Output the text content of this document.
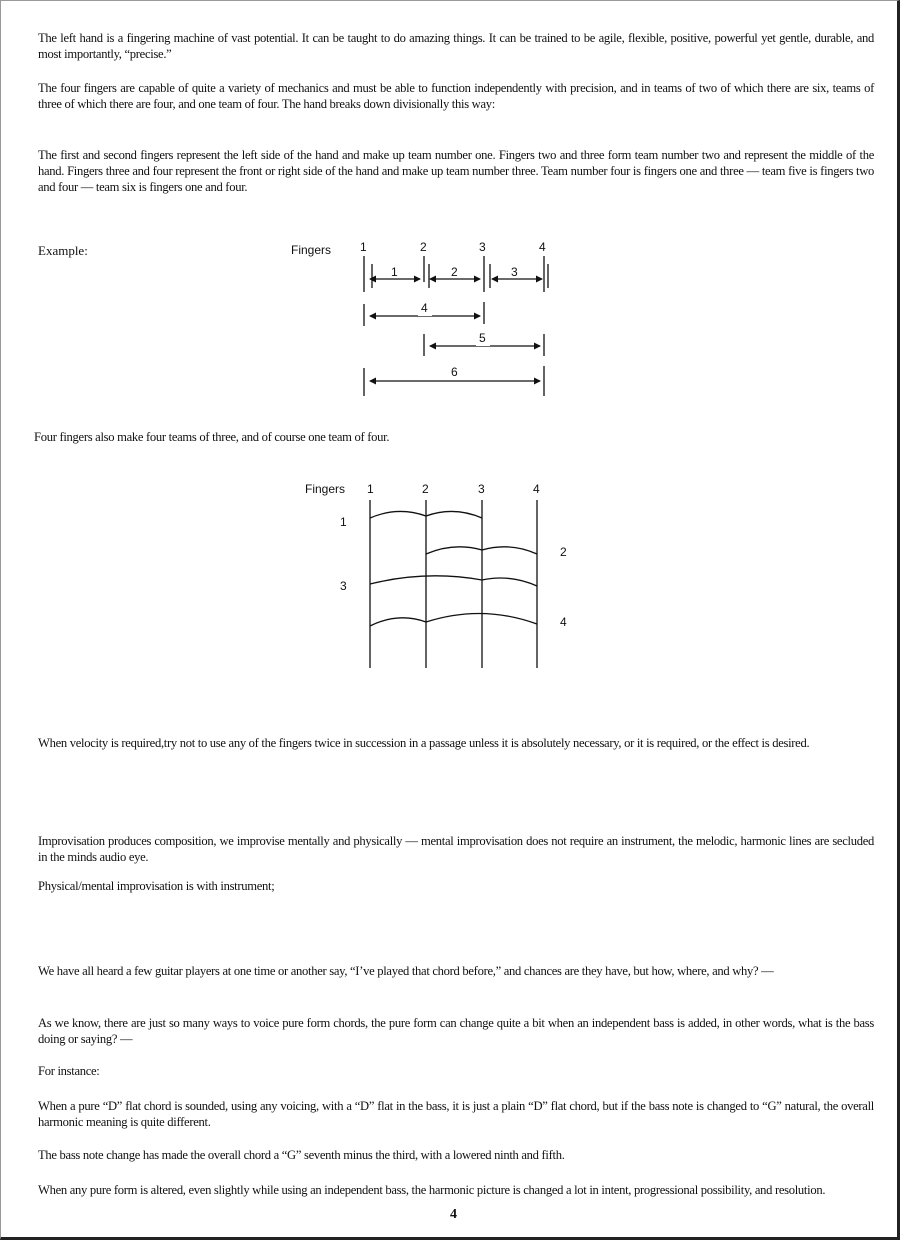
The left hand is a fingering machine of vast potential. It can be taught to do amazing things. It can be trained to be agile, flexible, positive, powerful yet gentle, durable, and most importantly, “precise.”

The four fingers are capable of quite a variety of mechanics and must be able to function independently with precision, and in teams of two of which there are six, teams of three of which there are four, and one team of four. The hand breaks down divisionally this way:

The first and second fingers represent the left side of the hand and make up team number one. Fingers two and three form team number two and represent the middle of the hand. Fingers three and four represent the front or right side of the hand and make up team number three. Team number four is fingers one and three — team five is fingers two and four — team six is fingers one and four.

Example:	Fingers 1	2	3	4
1	2	3
4
5
6

Four fingers also make four teams of three, and of course one team of four.

Fingers 1	2	3	4
1
2
3
4

When velocity is required,try not to use any of the fingers twice in succession in a passage unless it is absolutely necessary, or it is required, or the effect is desired.

Improvisation produces composition, we improvise mentally and physically — mental improvisation does not require an instrument, the melodic, harmonic lines are secluded in the minds audio eye.

Physical/mental improvisation is with instrument;

We have all heard a few guitar players at one time or another say, “I’ve played that chord before,” and chances are they have, but how, where, and why? —

As we know, there are just so many ways to voice pure form chords, the pure form can change quite a bit when an independent bass is added, in other words, what is the bass doing or saying? —

For instance:

When a pure “D” flat chord is sounded, using any voicing, with a “D” flat in the bass, it is just a plain “D” flat chord, but if the bass note is changed to “G” natural, the overall harmonic meaning is quite different.

The bass note change has made the overall chord a “G” seventh minus the third, with a lowered ninth and fifth.

When any pure form is altered, even slightly while using an independent bass, the harmonic picture is changed a lot in intent, progressional possibility, and resolution.

4
